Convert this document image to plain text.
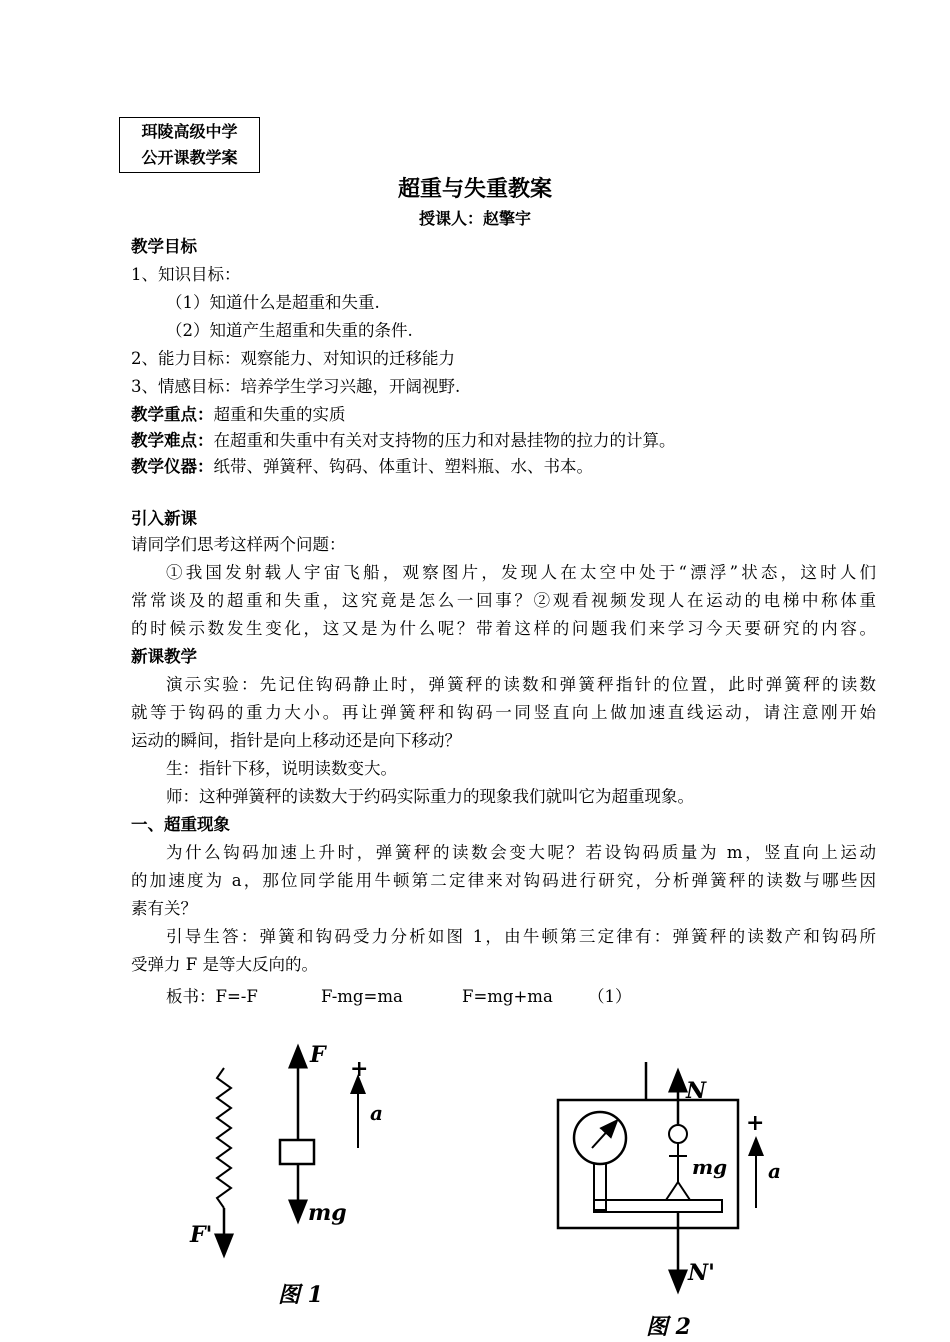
珥陵高级中学
公开课教学案
超重与失重教案
授课人：赵擎宇
教学目标
1、知识目标：
（1）知道什么是超重和失重.
（2）知道产生超重和失重的条件.
2、能力目标：观察能力、对知识的迁移能力
3、情感目标：培养学生学习兴趣，开阔视野.
教学重点：超重和失重的实质
教学难点：在超重和失重中有关对支持物的压力和对悬挂物的拉力的计算。
教学仪器：纸带、弹簧秤、钩码、体重计、塑料瓶、水、书本。
引入新课
请同学们思考这样两个问题：
①我国发射载人宇宙飞船，观察图片，发现人在太空中处于“漂浮”状态，这时人们
常常谈及的超重和失重，这究竟是怎么一回事？②观看视频发现人在运动的电梯中称体重
的时候示数发生变化，这又是为什么呢？带着这样的问题我们来学习今天要研究的内容。
新课教学
演示实验：先记住钩码静止时，弹簧秤的读数和弹簧秤指针的位置，此时弹簧秤的读数
就等于钩码的重力大小。再让弹簧秤和钩码一同竖直向上做加速直线运动，请注意刚开始
运动的瞬间，指针是向上移动还是向下移动？
生：指针下移，说明读数变大。
师：这种弹簧秤的读数大于约码实际重力的现象我们就叫它为超重现象。
一、超重现象
为什么钩码加速上升时，弹簧秤的读数会变大呢？若设钩码质量为 m，竖直向上运动
的加速度为 a，那位同学能用牛顿第二定律来对钩码进行研究，分析弹簧秤的读数与哪些因
素有关？
引导生答：弹簧和钩码受力分析如图 1，由牛顿第三定律有：弹簧秤的读数产和钩码所
受弹力 F 是等大反向的。
板书：F=-F	F-mg=ma	F=mg+ma （1）
F'
F
mg
+
a
图 1
N
mg
N'
+
a
图 2
